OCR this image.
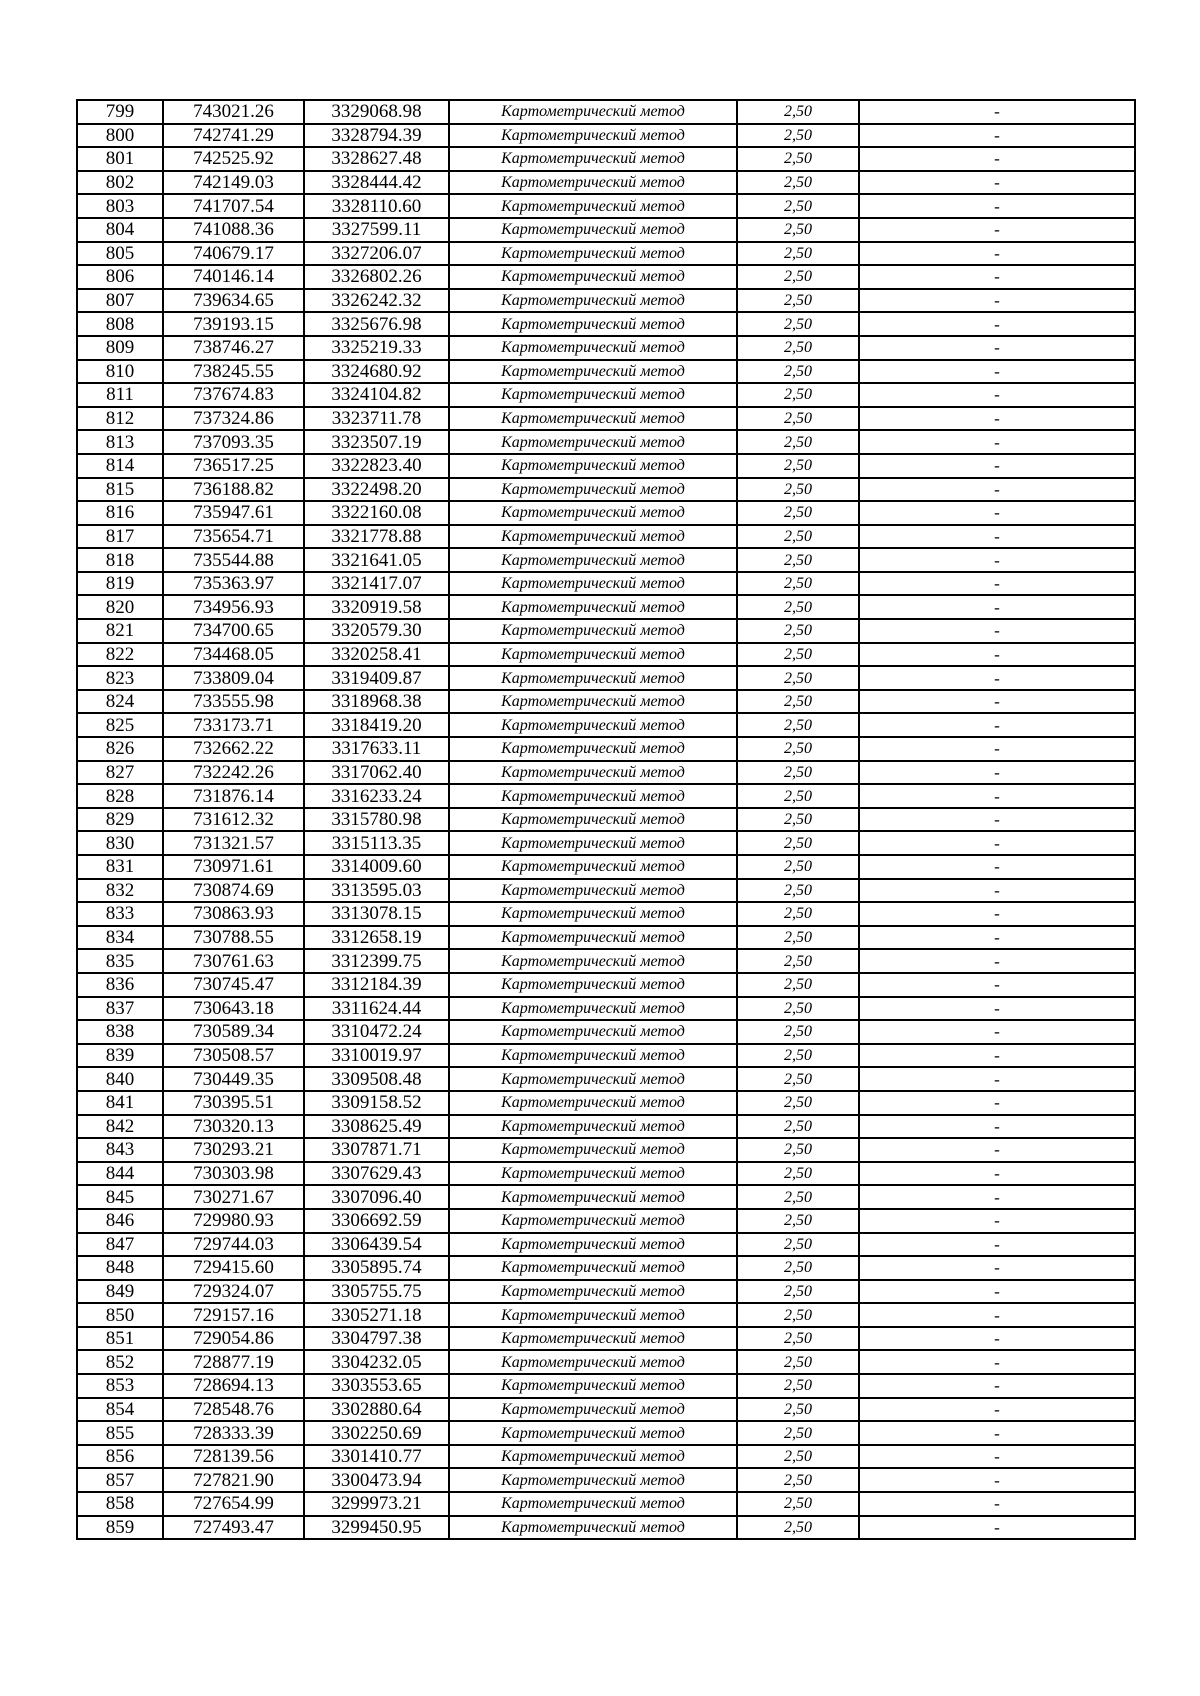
799	743021.26	3329068.98	Картометрический метод	2,50	-
800	742741.29	3328794.39	Картометрический метод	2,50	-
801	742525.92	3328627.48	Картометрический метод	2,50	-
802	742149.03	3328444.42	Картометрический метод	2,50	-
803	741707.54	3328110.60	Картометрический метод	2,50	-
804	741088.36	3327599.11	Картометрический метод	2,50	-
805	740679.17	3327206.07	Картометрический метод	2,50	-
806	740146.14	3326802.26	Картометрический метод	2,50	-
807	739634.65	3326242.32	Картометрический метод	2,50	-
808	739193.15	3325676.98	Картометрический метод	2,50	-
809	738746.27	3325219.33	Картометрический метод	2,50	-
810	738245.55	3324680.92	Картометрический метод	2,50	-
811	737674.83	3324104.82	Картометрический метод	2,50	-
812	737324.86	3323711.78	Картометрический метод	2,50	-
813	737093.35	3323507.19	Картометрический метод	2,50	-
814	736517.25	3322823.40	Картометрический метод	2,50	-
815	736188.82	3322498.20	Картометрический метод	2,50	-
816	735947.61	3322160.08	Картометрический метод	2,50	-
817	735654.71	3321778.88	Картометрический метод	2,50	-
818	735544.88	3321641.05	Картометрический метод	2,50	-
819	735363.97	3321417.07	Картометрический метод	2,50	-
820	734956.93	3320919.58	Картометрический метод	2,50	-
821	734700.65	3320579.30	Картометрический метод	2,50	-
822	734468.05	3320258.41	Картометрический метод	2,50	-
823	733809.04	3319409.87	Картометрический метод	2,50	-
824	733555.98	3318968.38	Картометрический метод	2,50	-
825	733173.71	3318419.20	Картометрический метод	2,50	-
826	732662.22	3317633.11	Картометрический метод	2,50	-
827	732242.26	3317062.40	Картометрический метод	2,50	-
828	731876.14	3316233.24	Картометрический метод	2,50	-
829	731612.32	3315780.98	Картометрический метод	2,50	-
830	731321.57	3315113.35	Картометрический метод	2,50	-
831	730971.61	3314009.60	Картометрический метод	2,50	-
832	730874.69	3313595.03	Картометрический метод	2,50	-
833	730863.93	3313078.15	Картометрический метод	2,50	-
834	730788.55	3312658.19	Картометрический метод	2,50	-
835	730761.63	3312399.75	Картометрический метод	2,50	-
836	730745.47	3312184.39	Картометрический метод	2,50	-
837	730643.18	3311624.44	Картометрический метод	2,50	-
838	730589.34	3310472.24	Картометрический метод	2,50	-
839	730508.57	3310019.97	Картометрический метод	2,50	-
840	730449.35	3309508.48	Картометрический метод	2,50	-
841	730395.51	3309158.52	Картометрический метод	2,50	-
842	730320.13	3308625.49	Картометрический метод	2,50	-
843	730293.21	3307871.71	Картометрический метод	2,50	-
844	730303.98	3307629.43	Картометрический метод	2,50	-
845	730271.67	3307096.40	Картометрический метод	2,50	-
846	729980.93	3306692.59	Картометрический метод	2,50	-
847	729744.03	3306439.54	Картометрический метод	2,50	-
848	729415.60	3305895.74	Картометрический метод	2,50	-
849	729324.07	3305755.75	Картометрический метод	2,50	-
850	729157.16	3305271.18	Картометрический метод	2,50	-
851	729054.86	3304797.38	Картометрический метод	2,50	-
852	728877.19	3304232.05	Картометрический метод	2,50	-
853	728694.13	3303553.65	Картометрический метод	2,50	-
854	728548.76	3302880.64	Картометрический метод	2,50	-
855	728333.39	3302250.69	Картометрический метод	2,50	-
856	728139.56	3301410.77	Картометрический метод	2,50	-
857	727821.90	3300473.94	Картометрический метод	2,50	-
858	727654.99	3299973.21	Картометрический метод	2,50	-
859	727493.47	3299450.95	Картометрический метод	2,50	-
